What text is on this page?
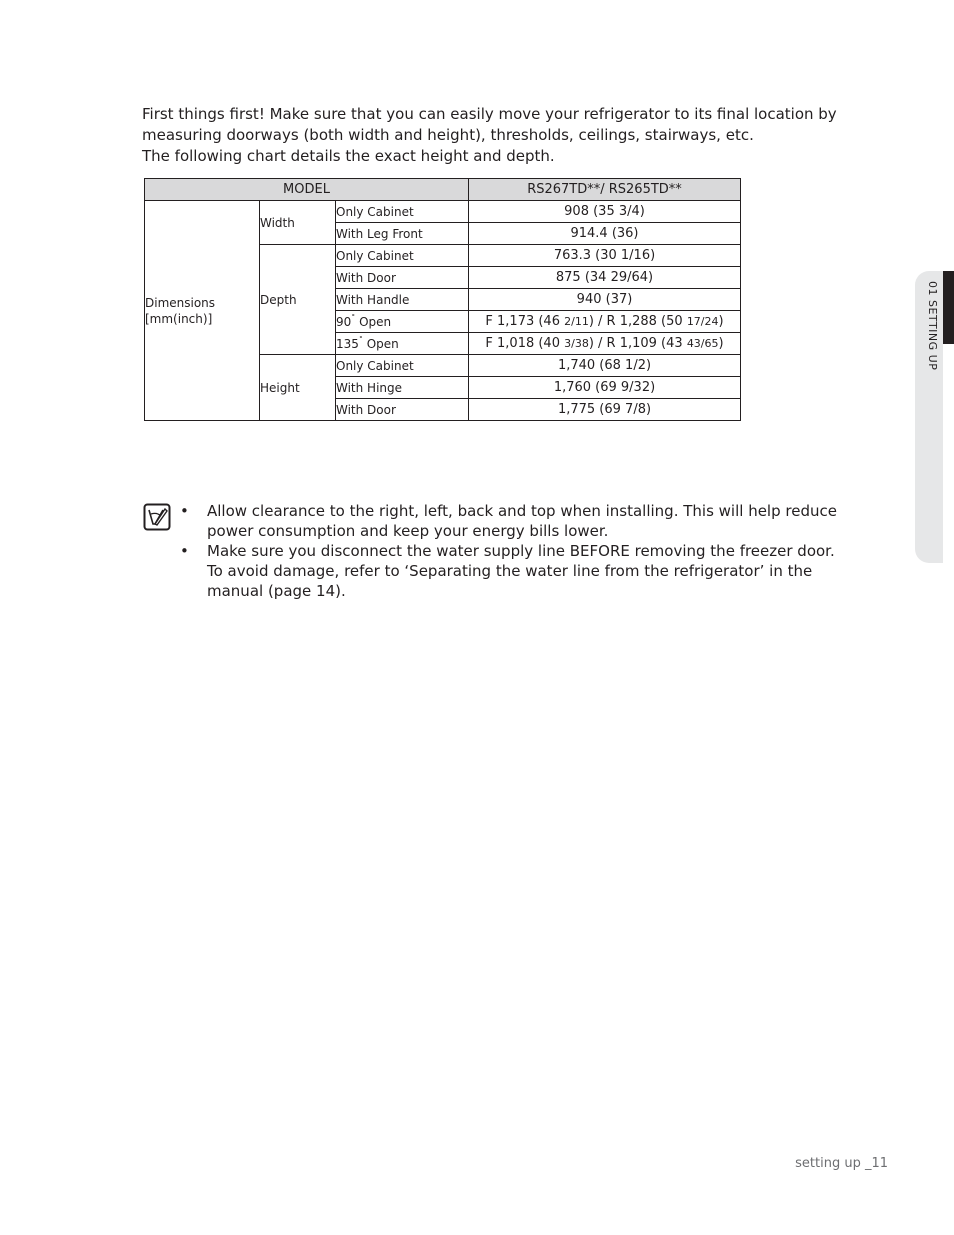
First things first! Make sure that you can easily move your refrigerator to its final location by measuring doorways (both width and height), thresholds, ceilings, stairways, etc.

The following chart details the exact height and depth.

MODEL			RS267TD**/ RS265TD**
Dimensions
[mm(inch)]	Width	Only Cabinet	908 (35 3/4)
		With Leg Front	914.4 (36)
	Depth	Only Cabinet	763.3 (30 1/16)
		With Door	875 (34 29/64)
		With Handle	940 (37)
		90˚ Open	F 1,173 (46 2/11) / R 1,288 (50 17/24)
		135˚ Open	F 1,018 (40 3/38) / R 1,109 (43 43/65)
	Height	Only Cabinet	1,740 (68 1/2)
		With Hinge	1,760 (69 9/32)
		With Door	1,775 (69 7/8)
• Allow clearance to the right, left, back and top when installing. This will help reduce power consumption and keep your energy bills lower.
• Make sure you disconnect the water supply line BEFORE removing the freezer door.
To avoid damage, refer to ‘Separating the water line from the refrigerator’ in the manual (page 14).
01 SETTING UP
setting up _11
